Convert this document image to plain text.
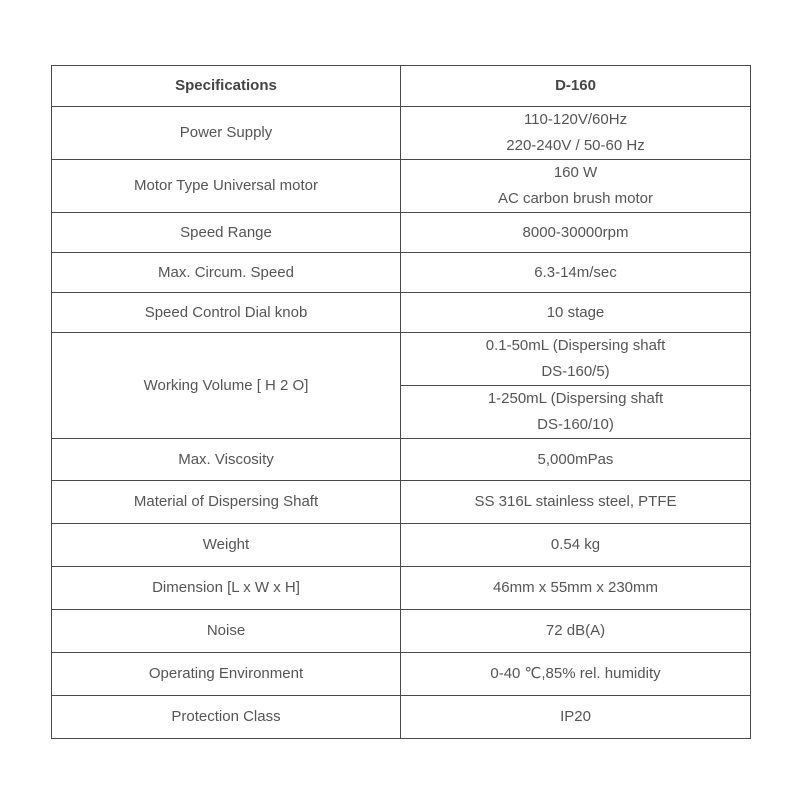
Specifications	D-160
Power Supply	110-120V/60Hz
220-240V / 50-60 Hz

Motor Type Universal motor	160 W
AC carbon brush motor

Speed Range	8000-30000rpm
Max. Circum. Speed	6.3-14m/sec
Speed Control Dial knob	10 stage
Working Volume [ H 2 O]	0.1-50mL (Dispersing shaft
DS-160/5)

	1-250mL (Dispersing shaft
DS-160/10)

Max. Viscosity	5,000mPas
Material of Dispersing Shaft	SS 316L stainless steel, PTFE
Weight	0.54 kg
Dimension [L x W x H]	46mm x 55mm x 230mm
Noise	72 dB(A)
Operating Environment	0-40 ℃,85% rel. humidity
Protection Class	IP20
